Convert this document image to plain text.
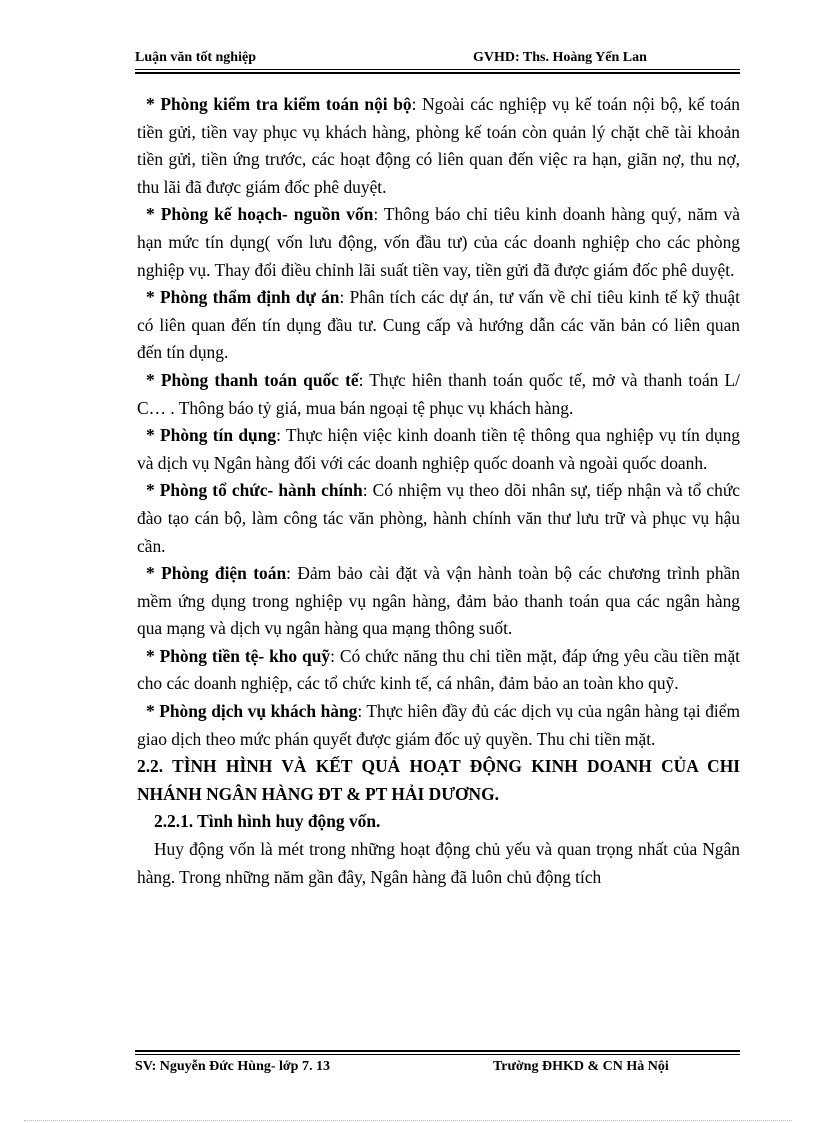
Luận văn tốt nghiệp	GVHD: Ths. Hoàng Yến Lan

* Phòng kiểm tra kiểm toán nội bộ: Ngoài các nghiệp vụ kế toán nội bộ, kế toán tiền gửi, tiền vay phục vụ khách hàng, phòng kế toán còn quản lý chặt chẽ tài khoản tiền gửi, tiền ứng trước, các hoạt động có liên quan đến việc ra hạn, giãn nợ, thu nợ, thu lãi đã được giám đốc phê duyệt.

* Phòng kế hoạch- nguồn vốn: Thông báo chỉ tiêu kinh doanh hàng quý, năm và hạn mức tín dụng( vốn lưu động, vốn đầu tư) của các doanh nghiệp cho các phòng nghiệp vụ. Thay đổi điều chỉnh lãi suất tiền vay, tiền gửi đã được giám đốc phê duyệt.

* Phòng thẩm định dự án: Phân tích các dự án, tư vấn về chỉ tiêu kinh tế kỹ thuật có liên quan đến tín dụng đầu tư. Cung cấp và hướng dẫn các văn bản có liên quan đến tín dụng.

* Phòng thanh toán quốc tế: Thực hiên thanh toán quốc tế, mở và thanh toán L/ C… . Thông báo tỷ giá, mua bán ngoại tệ phục vụ khách hàng.

* Phòng tín dụng: Thực hiện việc kinh doanh tiền tệ thông qua nghiệp vụ tín dụng và dịch vụ Ngân hàng đối với các doanh nghiệp quốc doanh và ngoài quốc doanh.

* Phòng tổ chức- hành chính: Có nhiệm vụ theo dõi nhân sự, tiếp nhận và tổ chức đào tạo cán bộ, làm công tác văn phòng, hành chính văn thư lưu trữ và phục vụ hậu cần.

* Phòng điện toán: Đảm bảo cài đặt và vận hành toàn bộ các chương trình phần mềm ứng dụng trong nghiệp vụ ngân hàng, đảm bảo thanh toán qua các ngân hàng qua mạng và dịch vụ ngân hàng qua mạng thông suốt.

* Phòng tiền tệ- kho quỹ: Có chức năng thu chi tiền mặt, đáp ứng yêu cầu tiền mặt cho các doanh nghiệp, các tổ chức kinh tế, cá nhân, đảm bảo an toàn kho quỹ.

* Phòng dịch vụ khách hàng: Thực hiên đầy đủ các dịch vụ của ngân hàng tại điểm giao dịch theo mức phán quyết được giám đốc uỷ quyền. Thu chi tiền mặt.

2.2. TÌNH HÌNH VÀ KẾT QUẢ HOẠT ĐỘNG KINH DOANH CỦA CHI NHÁNH NGÂN HÀNG ĐT & PT HẢI DƯƠNG.

2.2.1. Tình hình huy động vốn.

Huy động vốn là mét trong những hoạt động chủ yếu và quan trọng nhất của Ngân hàng. Trong những năm gần đây, Ngân hàng đã luôn chủ động tích

SV: Nguyễn Đức Hùng- lớp 7. 13	Trường ĐHKD & CN Hà Nội
